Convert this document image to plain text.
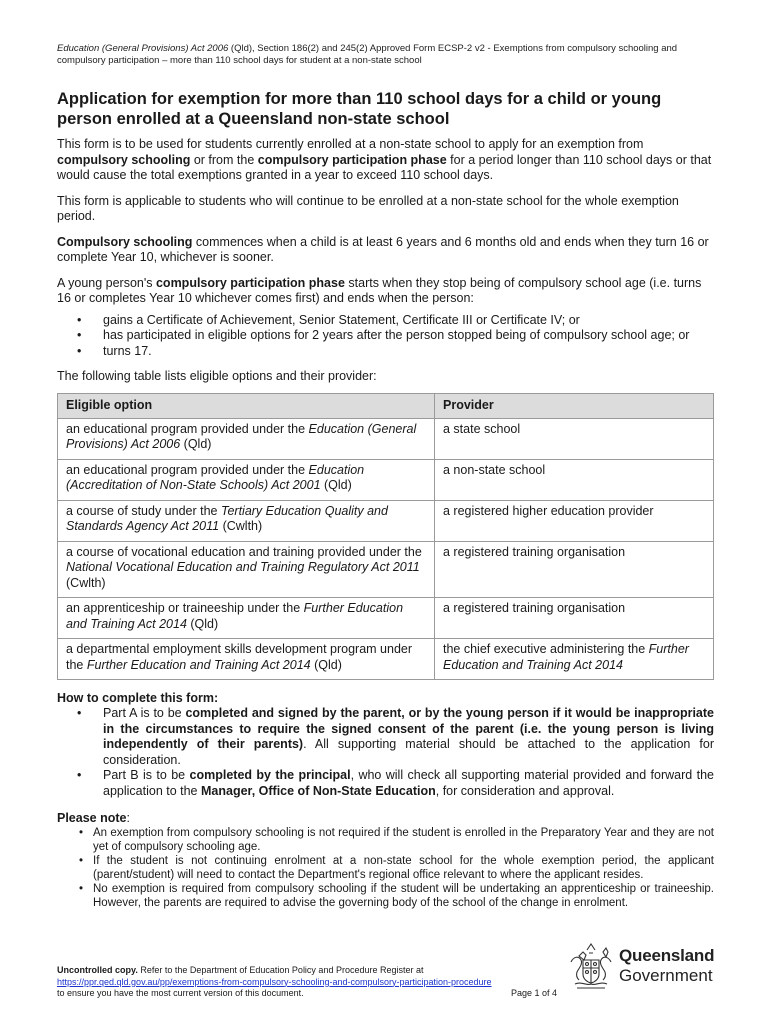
Education (General Provisions) Act 2006 (Qld), Section 186(2) and 245(2) Approved Form ECSP-2 v2 - Exemptions from compulsory schooling and compulsory participation – more than 110 school days for student at a non-state school
Application for exemption for more than 110 school days for a child or young person enrolled at a Queensland non-state school

This form is to be used for students currently enrolled at a non-state school to apply for an exemption from compulsory schooling or from the compulsory participation phase for a period longer than 110 school days or that would cause the total exemptions granted in a year to exceed 110 school days.

This form is applicable to students who will continue to be enrolled at a non-state school for the whole exemption period.

Compulsory schooling commences when a child is at least 6 years and 6 months old and ends when they turn 16 or complete Year 10, whichever is sooner.

A young person's compulsory participation phase starts when they stop being of compulsory school age (i.e. turns 16 or completes Year 10 whichever comes first) and ends when the person:

• gains a Certificate of Achievement, Senior Statement, Certificate III or Certificate IV; or
• has participated in eligible options for 2 years after the person stopped being of compulsory school age; or
• turns 17.

The following table lists eligible options and their provider:

Eligible option	Provider
an educational program provided under the Education (General Provisions) Act 2006 (Qld)	a state school
an educational program provided under the Education (Accreditation of Non-State Schools) Act 2001 (Qld)	a non-state school
a course of study under the Tertiary Education Quality and Standards Agency Act 2011 (Cwlth)	a registered higher education provider
a course of vocational education and training provided under the National Vocational Education and Training Regulatory Act 2011 (Cwlth)	a registered training organisation
an apprenticeship or traineeship under the Further Education and Training Act 2014 (Qld)	a registered training organisation
a departmental employment skills development program under the Further Education and Training Act 2014 (Qld)	the chief executive administering the Further Education and Training Act 2014
How to complete this form:
• Part A is to be completed and signed by the parent, or by the young person if it would be inappropriate in the circumstances to require the signed consent of the parent (i.e. the young person is living independently of their parents). All supporting material should be attached to the application for consideration.
• Part B is to be completed by the principal, who will check all supporting material provided and forward the application to the Manager, Office of Non-State Education, for consideration and approval.
Please note:
• An exemption from compulsory schooling is not required if the student is enrolled in the Preparatory Year and they are not yet of compulsory schooling age.
• If the student is not continuing enrolment at a non-state school for the whole exemption period, the applicant (parent/student) will need to contact the Department's regional office relevant to where the applicant resides.
• No exemption is required from compulsory schooling if the student will be undertaking an apprenticeship or traineeship. However, the parents are required to advise the governing body of the school of the change in enrolment.
Uncontrolled copy. Refer to the Department of Education Policy and Procedure Register at
https://ppr.qed.qld.gov.au/pp/exemptions-from-compulsory-schooling-and-compulsory-participation-procedure
to ensure you have the most current version of this document.	Page 1 of 4
Queensland
Government
